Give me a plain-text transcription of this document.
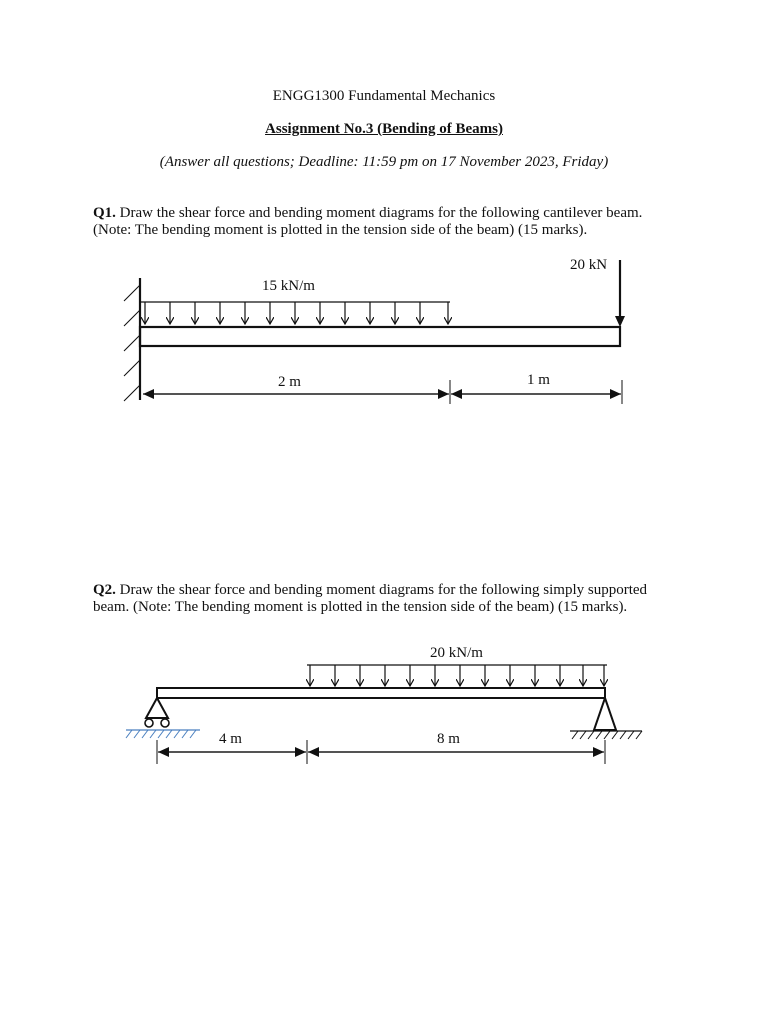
ENGG1300 Fundamental Mechanics
Assignment No.3 (Bending of Beams)
(Answer all questions; Deadline: 11:59 pm on 17 November 2023, Friday)

Q1. Draw the shear force and bending moment diagrams for the following cantilever beam.

(Note: The bending moment is plotted in the tension side of the beam) (15 marks).

Q2. Draw the shear force and bending moment diagrams for the following simply supported

beam. (Note: The bending moment is plotted in the tension side of the beam) (15 marks).

15 kN/m
20 kN
2 m	1 m
20 kN/m
4 m	8 m
